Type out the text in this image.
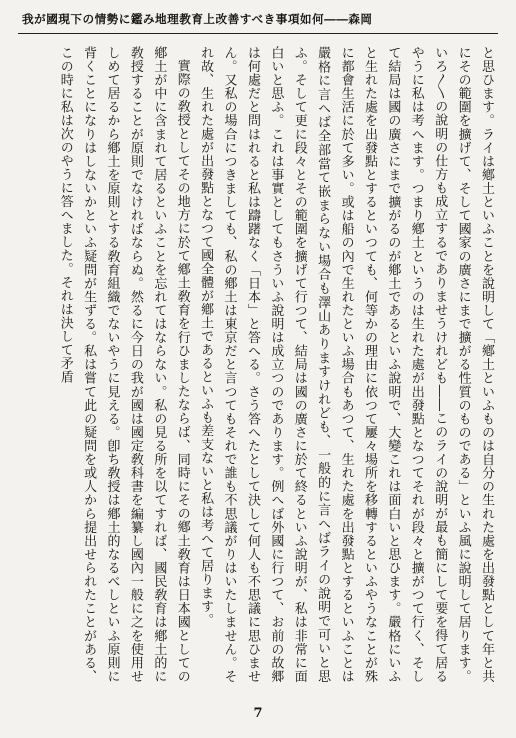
我が國現下の情勢に鑑み地理教育上改善すべき事項如何――森岡

と思ひます。ライは鄕土といふことを說明して「鄕土といふものは自分の生れた處を出發點として年と共にその範圍を擴げて、そして國家の廣さにまで擴がる性質のものである」といふ風に說明して居ります。いろ〳〵の說明の仕方も成立するでありませうけれども――このライの說明が最も簡にして要を得て居るやうに私は考へます。つまり鄕土というのは生れた處が出發點となつてそれが段々と擴がつて行く、そして結局は國の廣さにまで擴がるのが鄕土であるといふ說明で、大變これは面白いと思ひます。嚴格にいふと生れた處を出發點とするといつても、何等かの理由に依つて屢々場所を移轉するといふやうなことが殊に都會生活に於て多い。或は船の內で生れたといふ場合もあつて、生れた處を出發點とするといふことは嚴格に言へば全部當て嵌まらない場合も澤山ありますけれども、一般的に言へばライの說明で可いと思ふ。そして更に段々とその範圍を擴げて行つて、結局は國の廣さに於て終るといふ說明が、私は非常に面白いと思ふ。これは事實としてもさういふ說明は成立つのであります。例へば外國に行つて、お前の故郷は何處だと問はれると私は躊躇なく「日本」と答へる。さう答へたとして決して何人も不思議に思ひません。又私の場合につきましても、私の鄕土は東京だと言つてもそれで誰も不思議がりはいたしません。それ故、生れた處が出發點となつて國全體が鄕土であるといふも差支ないと私は考へて居ります。

實際の敎授としてその地方に於て鄕土敎育を行ひましたならば、同時にその鄕土敎育は日本國としての鄕土が中に含まれて居るといふことを忘れてはならない。私の見る所を以てすれば、國民敎育は鄕土的に敎授することが原則でなければならぬ。然るに今日の我が國は國定敎科書を編纂し國內一般に之を使用せしめて居るから鄕土を原則とする敎育組織でないやうに見える。卽ち敎授は鄕土的なるべしといふ原則に背くことになりはしないかといふ疑問が生ずる。私は嘗て此の疑問を或人から提出せられたことがある、この時に私は次のやうに答へました。それは決して矛盾

7
